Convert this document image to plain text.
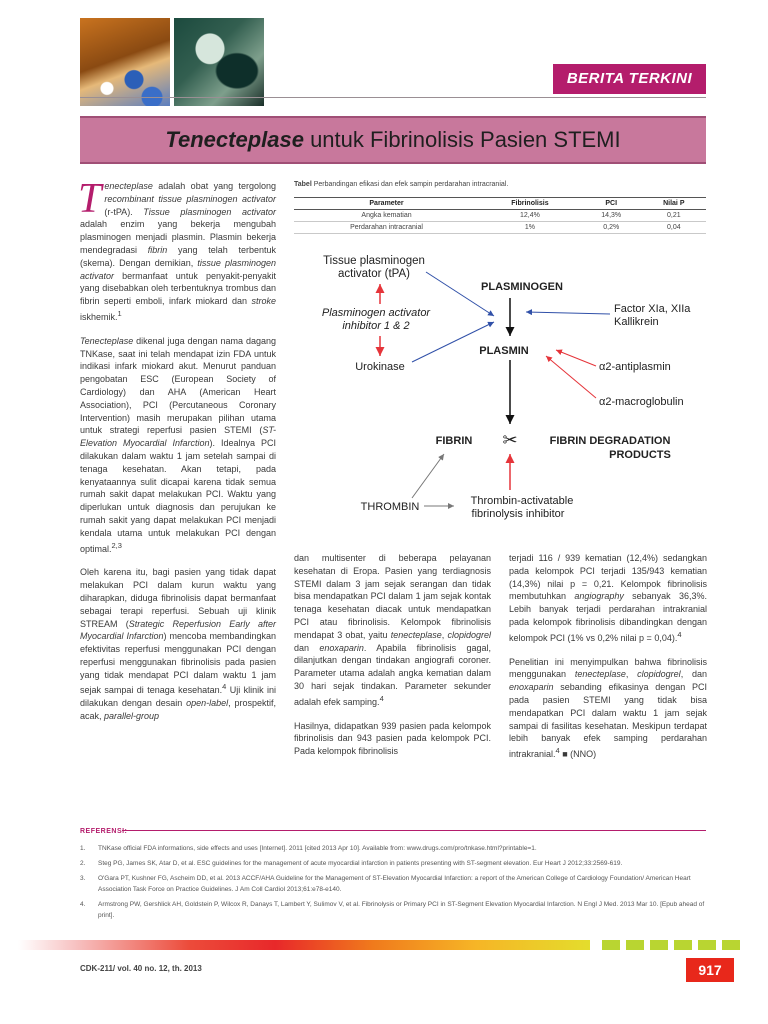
BERITA TERKINI
Tenecteplase untuk Fibrinolisis Pasien STEMI

Tenecteplase adalah obat yang tergolong recombinant tissue plasminogen activator (r-tPA). Tissue plasminogen activator adalah enzim yang bekerja mengubah plasminogen menjadi plasmin. Plasmin bekerja mendegradasi fibrin yang telah terbentuk (skema). Dengan demikian, tissue plasminogen activator bermanfaat untuk penyakit-penyakit yang disebabkan oleh terbentuknya trombus dan fibrin seperti emboli, infark miokard dan stroke iskhemik.$^1$

Tenecteplase dikenal juga dengan nama dagang TNKase, saat ini telah mendapat izin FDA untuk indikasi infark miokard akut. Menurut panduan pengobatan ESC (European Society of Cardiology) dan AHA (American Heart Association), PCI (Percutaneous Coronary Intervention) masih merupakan pilihan utama untuk strategi reperfusi pasien STEMI (ST-Elevation Myocardial Infarction). Idealnya PCI dilakukan dalam waktu 1 jam setelah sampai di tenaga kesehatan. Akan tetapi, pada kenyataannya sulit dicapai karena tidak semua rumah sakit dapat melakukan PCI. Waktu yang diperlukan untuk diagnosis dan perujukan ke rumah sakit yang dapat melakukan PCI menjadi kendala utama untuk melakukan PCI dengan optimal.$^{2,3}$

Oleh karena itu, bagi pasien yang tidak dapat melakukan PCI dalam kurun waktu yang diharapkan, diduga fibrinolisis dapat bermanfaat sebagai terapi reperfusi. Sebuah uji klinik STREAM (Strategic Reperfusion Early after Myocardial Infarction) mencoba membandingkan efektivitas reperfusi menggunakan PCI dengan reperfusi menggunakan fibrinolisis pada pasien yang tidak mendapat PCI dalam waktu 1 jam sejak sampai di tenaga kesehatan.$^4$ Uji klinik ini dilakukan dengan desain open-label, prospektif, acak, parallel-group

Tabel Perbandingan efikasi dan efek sampin perdarahan intracranial.
Parameter	Fibrinolisis	PCI	Nilai P
Angka kematian	12,4%	14,3%	0,21
Perdarahan intracranial	1%	0,2%	0,04
Tissue plasminogen
activator (tPA)
Plasminogen activator
inhibitor 1 & 2
Urokinase
PLASMINOGEN
PLASMIN
Factor XIa, XIIa
Kallikrein
α2-antiplasmin
α2-macroglobulin
FIBRIN ✂	FIBRIN DEGRADATION
PRODUCTS
THROMBIN	Thrombin-activatable
fibrinolysis inhibitor

dan multisenter di beberapa pelayanan kesehatan di Eropa. Pasien yang terdiagnosis STEMI dalam 3 jam sejak serangan dan tidak bisa mendapatkan PCI dalam 1 jam sejak kontak tenaga kesehatan diacak untuk mendapatkan PCI atau fibrinolisis. Kelompok fibrinolisis mendapat 3 obat, yaitu tenecteplase, clopidogrel dan enoxaparin. Apabila fibrinolisis gagal, dilanjutkan dengan tindakan angiografi coroner. Parameter utama adalah angka kematian dalam 30 hari sejak tindakan. Parameter sekunder adalah efek samping.$^4$

Hasilnya, didapatkan 939 pasien pada kelompok fibrinolisis dan 943 pasien pada kelompok PCI. Pada kelompok fibrinolisis

terjadi 116 / 939 kematian (12,4%) sedangkan pada kelompok PCI terjadi 135/943 kematian (14,3%) nilai p = 0,21. Kelompok fibrinolisis membutuhkan angiography sebanyak 36,3%. Lebih banyak terjadi perdarahan intrakranial pada kelompok fibrinolisis dibandingkan dengan kelompok PCI (1% vs 0,2% nilai p = 0,04).$^4$

Penelitian ini menyimpulkan bahwa fibrinolisis menggunakan tenecteplase, clopidogrel, dan enoxaparin sebanding efikasinya dengan PCI pada pasien STEMI yang tidak bisa mendapatkan PCI dalam waktu 1 jam sejak sampai di fasilitas kesehatan. Meskipun terdapat lebih banyak efek samping perdarahan intrakranial.$^4$ ■ (NNO)

REFERENSI:
1. TNKase official FDA informations, side effects and uses [Internet]. 2011 [cited 2013 Apr 10]. Available from: www.drugs.com/pro/tnkase.html?printable=1.
2. Steg PG, James SK, Atar D, et al. ESC guidelines for the management of acute myocardial infarction in patients presenting with ST-segment elevation. Eur Heart J 2012;33:2569-619.
3. O'Gara PT, Kushner FG, Ascheim DD, et al. 2013 ACCF/AHA Guideline for the Management of ST-Elevation Myocardial Infarction: a report of the American College of Cardiology Foundation/ American Heart Association Task Force on Practice Guidelines. J Am Coll Cardiol 2013;61:e78-e140.
4. Armstrong PW, Gershlick AH, Goldstein P, Wilcox R, Danays T, Lambert Y, Sulimov V, et al. Fibrinolysis or Primary PCI in ST-Segment Elevation Myocardial Infarction. N Engl J Med. 2013 Mar 10. [Epub ahead of print].
CDK-211/ vol. 40 no. 12, th. 2013	917
